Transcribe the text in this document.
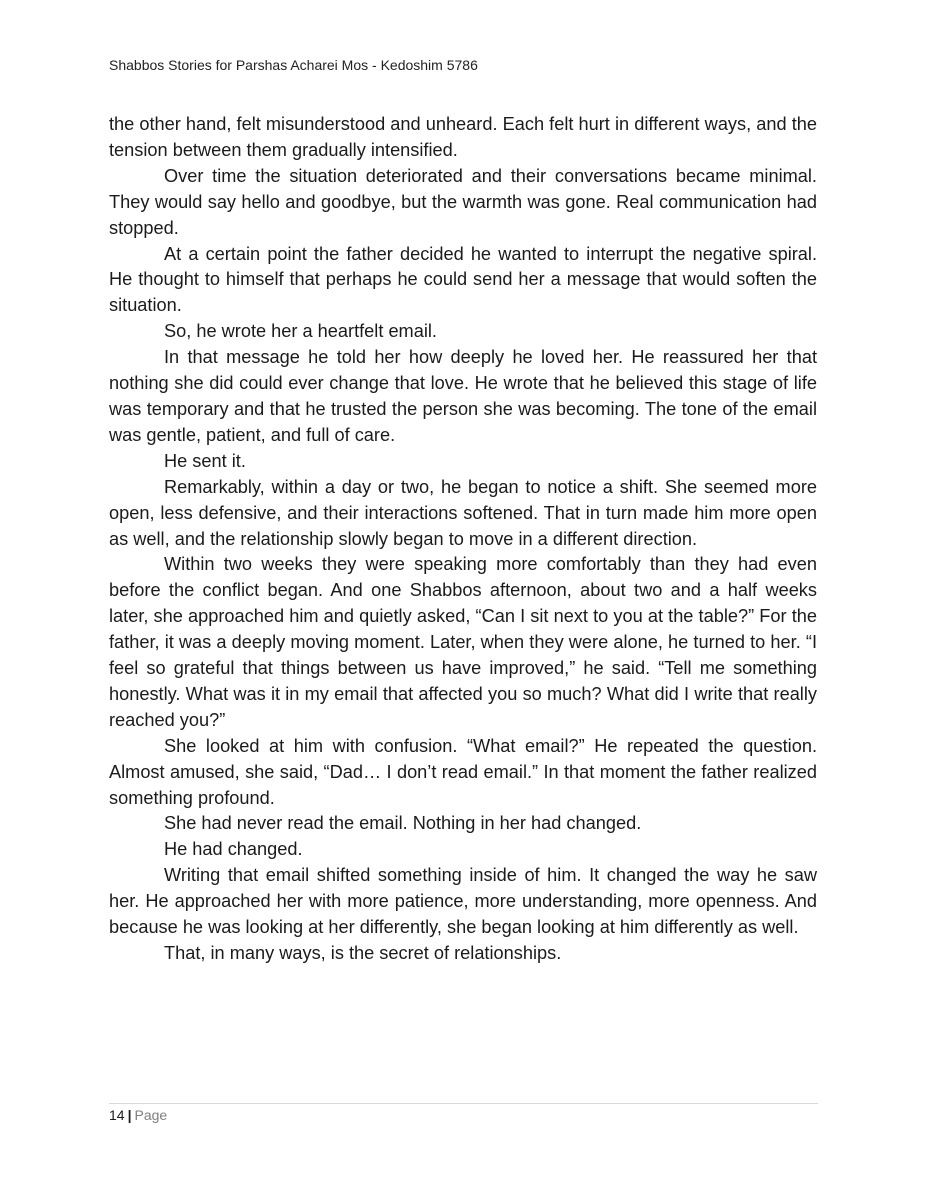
Shabbos Stories for Parshas Acharei Mos - Kedoshim 5786

the other hand, felt misunderstood and unheard. Each felt hurt in different ways, and the tension between them gradually intensified.

Over time the situation deteriorated and their conversations became minimal. They would say hello and goodbye, but the warmth was gone. Real communication had stopped.

At a certain point the father decided he wanted to interrupt the negative spiral. He thought to himself that perhaps he could send her a message that would soften the situation.

So, he wrote her a heartfelt email.

In that message he told her how deeply he loved her. He reassured her that nothing she did could ever change that love. He wrote that he believed this stage of life was temporary and that he trusted the person she was becoming. The tone of the email was gentle, patient, and full of care.

He sent it.

Remarkably, within a day or two, he began to notice a shift. She seemed more open, less defensive, and their interactions softened. That in turn made him more open as well, and the relationship slowly began to move in a different direction.

Within two weeks they were speaking more comfortably than they had even before the conflict began. And one Shabbos afternoon, about two and a half weeks later, she approached him and quietly asked, “Can I sit next to you at the table?” For the father, it was a deeply moving moment. Later, when they were alone, he turned to her. “I feel so grateful that things between us have improved,” he said. “Tell me something honestly. What was it in my email that affected you so much? What did I write that really reached you?”

She looked at him with confusion. “What email?” He repeated the question. Almost amused, she said, “Dad… I don’t read email.” In that moment the father realized something profound.

She had never read the email. Nothing in her had changed.

He had changed.

Writing that email shifted something inside of him. It changed the way he saw her. He approached her with more patience, more understanding, more openness. And because he was looking at her differently, she began looking at him differently as well.

That, in many ways, is the secret of relationships.

14 | Page
